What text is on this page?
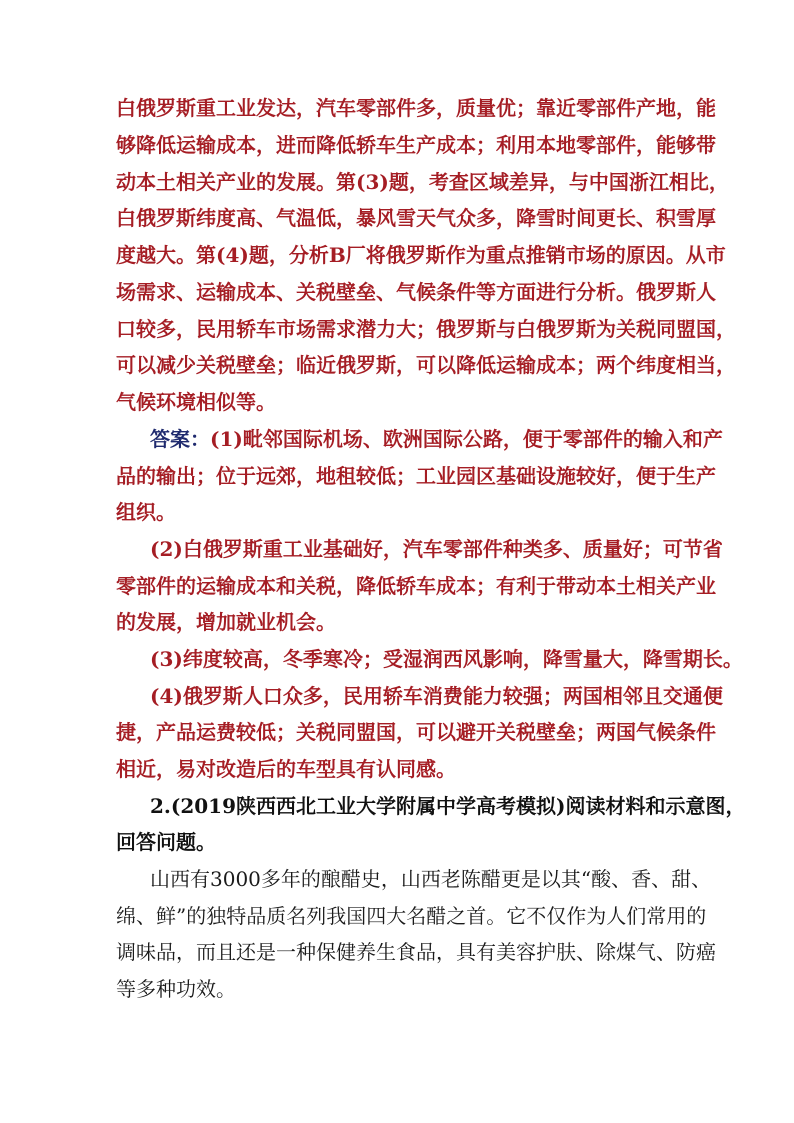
白俄罗斯重工业发达，汽车零部件多，质量优；靠近零部件产地，能
够降低运输成本，进而降低轿车生产成本；利用本地零部件，能够带
动本土相关产业的发展。第(3)题，考查区域差异，与中国浙江相比，
白俄罗斯纬度高、气温低，暴风雪天气众多，降雪时间更长、积雪厚
度越大。第(4)题，分析B厂将俄罗斯作为重点推销市场的原因。从市
场需求、运输成本、关税壁垒、气候条件等方面进行分析。俄罗斯人
口较多，民用轿车市场需求潜力大；俄罗斯与白俄罗斯为关税同盟国，
可以减少关税壁垒；临近俄罗斯，可以降低运输成本；两个纬度相当，
气候环境相似等。
答案：(1)毗邻国际机场、欧洲国际公路，便于零部件的输入和产
品的输出；位于远郊，地租较低；工业园区基础设施较好，便于生产
组织。
(2)白俄罗斯重工业基础好，汽车零部件种类多、质量好；可节省
零部件的运输成本和关税，降低轿车成本；有利于带动本土相关产业
的发展，增加就业机会。
(3)纬度较高，冬季寒冷；受湿润西风影响，降雪量大，降雪期长。
(4)俄罗斯人口众多，民用轿车消费能力较强；两国相邻且交通便
捷，产品运费较低；关税同盟国，可以避开关税壁垒；两国气候条件
相近，易对改造后的车型具有认同感。
2.(2019陕西西北工业大学附属中学高考模拟)阅读材料和示意图，
回答问题。
山西有3000多年的酿醋史，山西老陈醋更是以其“酸、香、甜、
绵、鲜”的独特品质名列我国四大名醋之首。它不仅作为人们常用的
调味品，而且还是一种保健养生食品，具有美容护肤、除煤气、防癌
等多种功效。
